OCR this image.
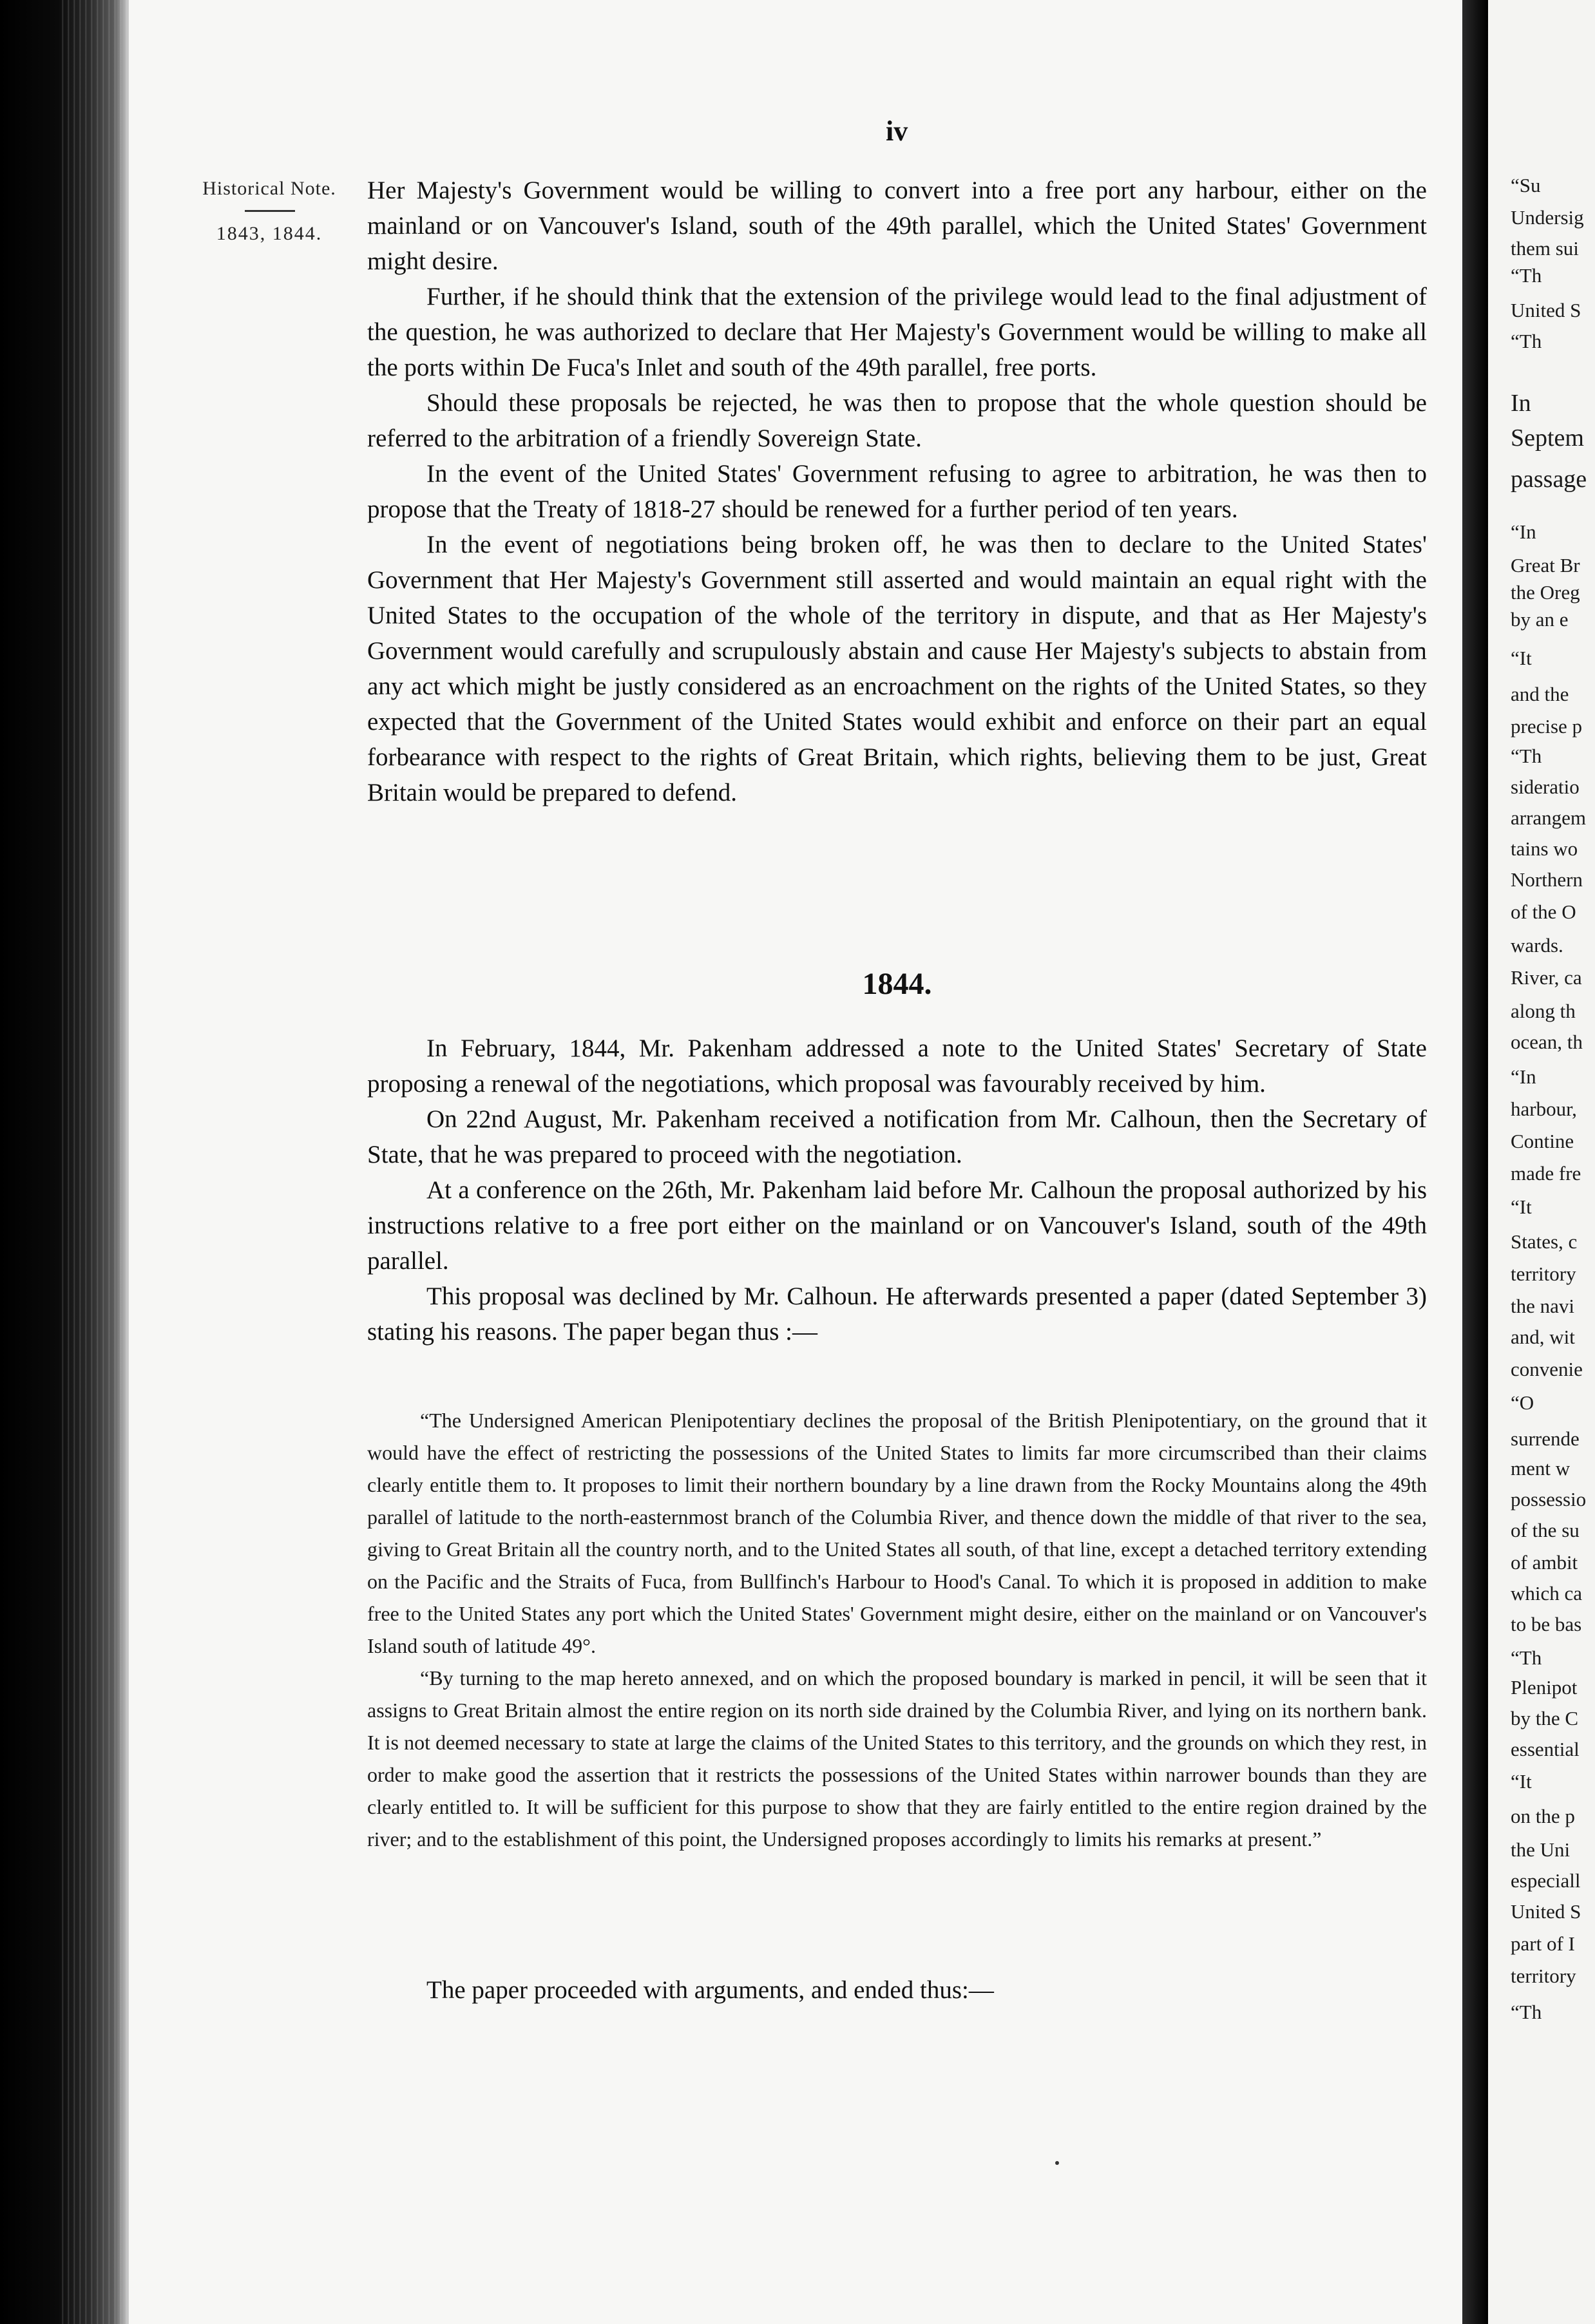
iv
Historical Note.
1843, 1844.

Her Majesty's Government would be willing to convert into a free port any harbour, either on the mainland or on Vancouver's Island, south of the 49th parallel, which the United States' Government might desire.

Further, if he should think that the extension of the privilege would lead to the final adjustment of the question, he was authorized to declare that Her Majesty's Government would be willing to make all the ports within De Fuca's Inlet and south of the 49th parallel, free ports.

Should these proposals be rejected, he was then to propose that the whole question should be referred to the arbitration of a friendly Sovereign State.

In the event of the United States' Government refusing to agree to arbitration, he was then to propose that the Treaty of 1818-27 should be renewed for a further period of ten years.

In the event of negotiations being broken off, he was then to declare to the United States' Government that Her Majesty's Government still asserted and would maintain an equal right with the United States to the occupation of the whole of the territory in dispute, and that as Her Majesty's Government would carefully and scrupulously abstain and cause Her Majesty's subjects to abstain from any act which might be justly considered as an encroachment on the rights of the United States, so they expected that the Government of the United States would exhibit and enforce on their part an equal forbearance with respect to the rights of Great Britain, which rights, believing them to be just, Great Britain would be prepared to defend.

1844.

In February, 1844, Mr. Pakenham addressed a note to the United States' Secretary of State proposing a renewal of the negotiations, which proposal was favourably received by him.

On 22nd August, Mr. Pakenham received a notification from Mr. Calhoun, then the Secretary of State, that he was prepared to proceed with the negotiation.

At a conference on the 26th, Mr. Pakenham laid before Mr. Calhoun the proposal authorized by his instructions relative to a free port either on the mainland or on Vancouver's Island, south of the 49th parallel.

This proposal was declined by Mr. Calhoun. He afterwards presented a paper (dated September 3) stating his reasons. The paper began thus :—

“The Undersigned American Plenipotentiary declines the proposal of the British Plenipotentiary, on the ground that it would have the effect of restricting the possessions of the United States to limits far more circumscribed than their claims clearly entitle them to. It proposes to limit their northern boundary by a line drawn from the Rocky Mountains along the 49th parallel of latitude to the north-easternmost branch of the Columbia River, and thence down the middle of that river to the sea, giving to Great Britain all the country north, and to the United States all south, of that line, except a detached territory extending on the Pacific and the Straits of Fuca, from Bullfinch's Harbour to Hood's Canal. To which it is proposed in addition to make free to the United States any port which the United States' Government might desire, either on the mainland or on Vancouver's Island south of latitude 49°.

“By turning to the map hereto annexed, and on which the proposed boundary is marked in pencil, it will be seen that it assigns to Great Britain almost the entire region on its north side drained by the Columbia River, and lying on its northern bank. It is not deemed necessary to state at large the claims of the United States to this territory, and the grounds on which they rest, in order to make good the assertion that it restricts the possessions of the United States within narrower bounds than they are clearly entitled to. It will be sufficient for this purpose to show that they are fairly entitled to the entire region drained by the river; and to the establishment of this point, the Undersigned proposes accordingly to limits his remarks at present.”

The paper proceeded with arguments, and ended thus:—

“Su
Undersig
them sui
“Th
United S
“Th
In
Septem
passage
“In
Great Br
the Oreg
by an e
“It
and the
precise p
“Th
sideratio
arrangem
tains wo
Northern
of the O
wards.
River, ca
along th
ocean, th
“In
harbour,
Contine
made fre
“It
States, c
territory
the navi
and, wit
convenie
“O
surrende
ment w
possessio
of the su
of ambit
which ca
to be bas
“Th
Plenipot
by the C
essential
“It
on the p
the Uni
especiall
United S
part of I
territory
“Th
